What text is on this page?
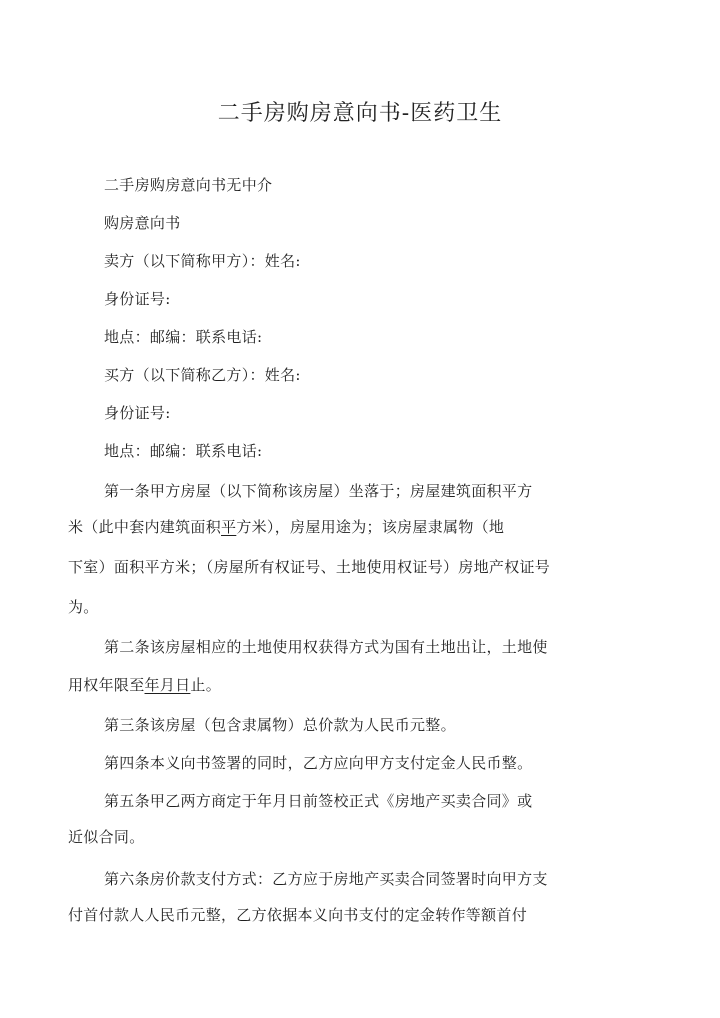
二手房购房意向书-医药卫生
二手房购房意向书无中介
购房意向书
卖方（以下简称甲方）：姓名:
身份证号:
地点：邮编：联系电话:
买方（以下简称乙方）：姓名:
身份证号:
地点：邮编：联系电话:
第一条甲方房屋（以下简称该房屋）坐落于；房屋建筑面积平方
米（此中套内建筑面积平方米），房屋用途为；该房屋隶属物（地
下室）面积平方米；（房屋所有权证号、土地使用权证号）房地产权证号
为。
第二条该房屋相应的土地使用权获得方式为国有土地出让，土地使
用权年限至年月日止。
第三条该房屋（包含隶属物）总价款为人民币元整。
第四条本义向书签署的同时，乙方应向甲方支付定金人民币整。
第五条甲乙两方商定于年月日前签校正式《房地产买卖合同》或
近似合同。
第六条房价款支付方式：乙方应于房地产买卖合同签署时向甲方支
付首付款人人民币元整，乙方依据本义向书支付的定金转作等额首付
